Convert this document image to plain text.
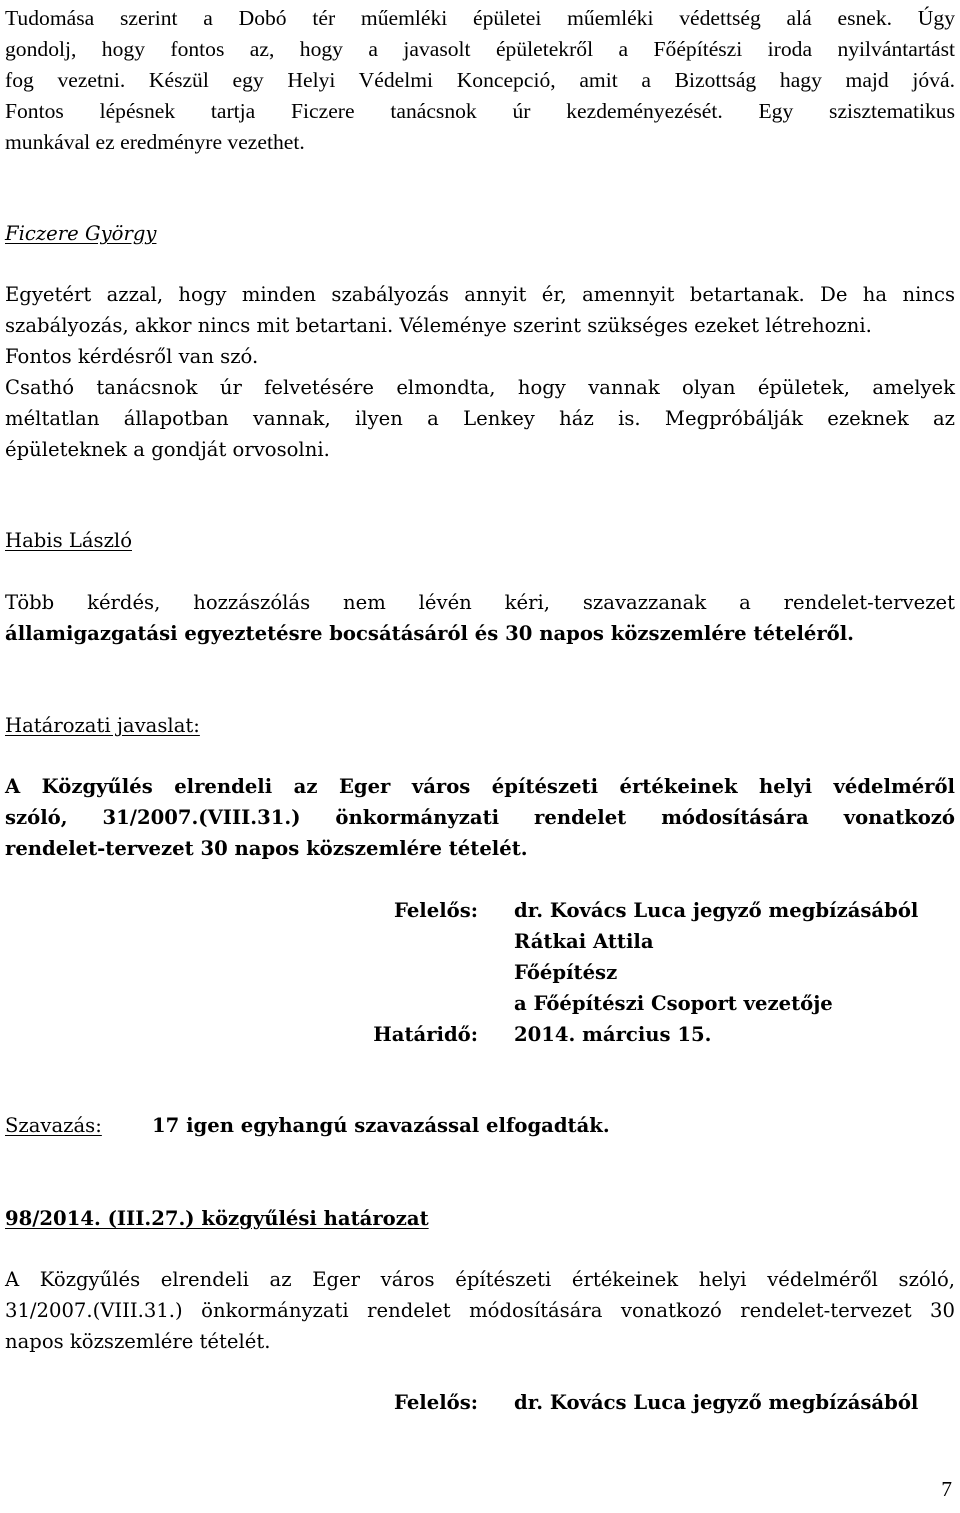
Tudomása szerint a Dobó tér műemléki épületei műemléki védettség alá esnek. Úgy
gondolj, hogy fontos az, hogy a javasolt épületekről a Főépítészi iroda nyilvántartást
fog vezetni. Készül egy Helyi Védelmi Koncepció, amit a Bizottság hagy majd jóvá.
Fontos lépésnek tartja Ficzere tanácsnok úr kezdeményezését. Egy szisztematikus
munkával ez eredményre vezethet.
Ficzere György
Egyetért azzal, hogy minden szabályozás annyit ér, amennyit betartanak. De ha nincs
szabályozás, akkor nincs mit betartani. Véleménye szerint szükséges ezeket létrehozni.
Fontos kérdésről van szó.
Csathó tanácsnok úr felvetésére elmondta, hogy vannak olyan épületek, amelyek
méltatlan állapotban vannak, ilyen a Lenkey ház is. Megpróbálják ezeknek az
épületeknek a gondját orvosolni.
Habis László
Több kérdés, hozzászólás nem lévén kéri, szavazzanak a rendelet-tervezet
államigazgatási egyeztetésre bocsátásáról és 30 napos közszemlére tételéről.
Határozati javaslat:
A Közgyűlés elrendeli az Eger város építészeti értékeinek helyi védelméről
szóló, 31/2007.(VIII.31.) önkormányzati rendelet módosítására vonatkozó
rendelet-tervezet 30 napos közszemlére tételét.
Felelős: dr. Kovács Luca jegyző megbízásából
Rátkai Attila
Főépítész
a Főépítészi Csoport vezetője
Határidő: 2014. március 15.
Szavazás:	17 igen egyhangú szavazással elfogadták.
98/2014. (III.27.) közgyűlési határozat
A Közgyűlés elrendeli az Eger város építészeti értékeinek helyi védelméről szóló,
31/2007.(VIII.31.) önkormányzati rendelet módosítására vonatkozó rendelet-tervezet 30
napos közszemlére tételét.
Felelős: dr. Kovács Luca jegyző megbízásából
7
